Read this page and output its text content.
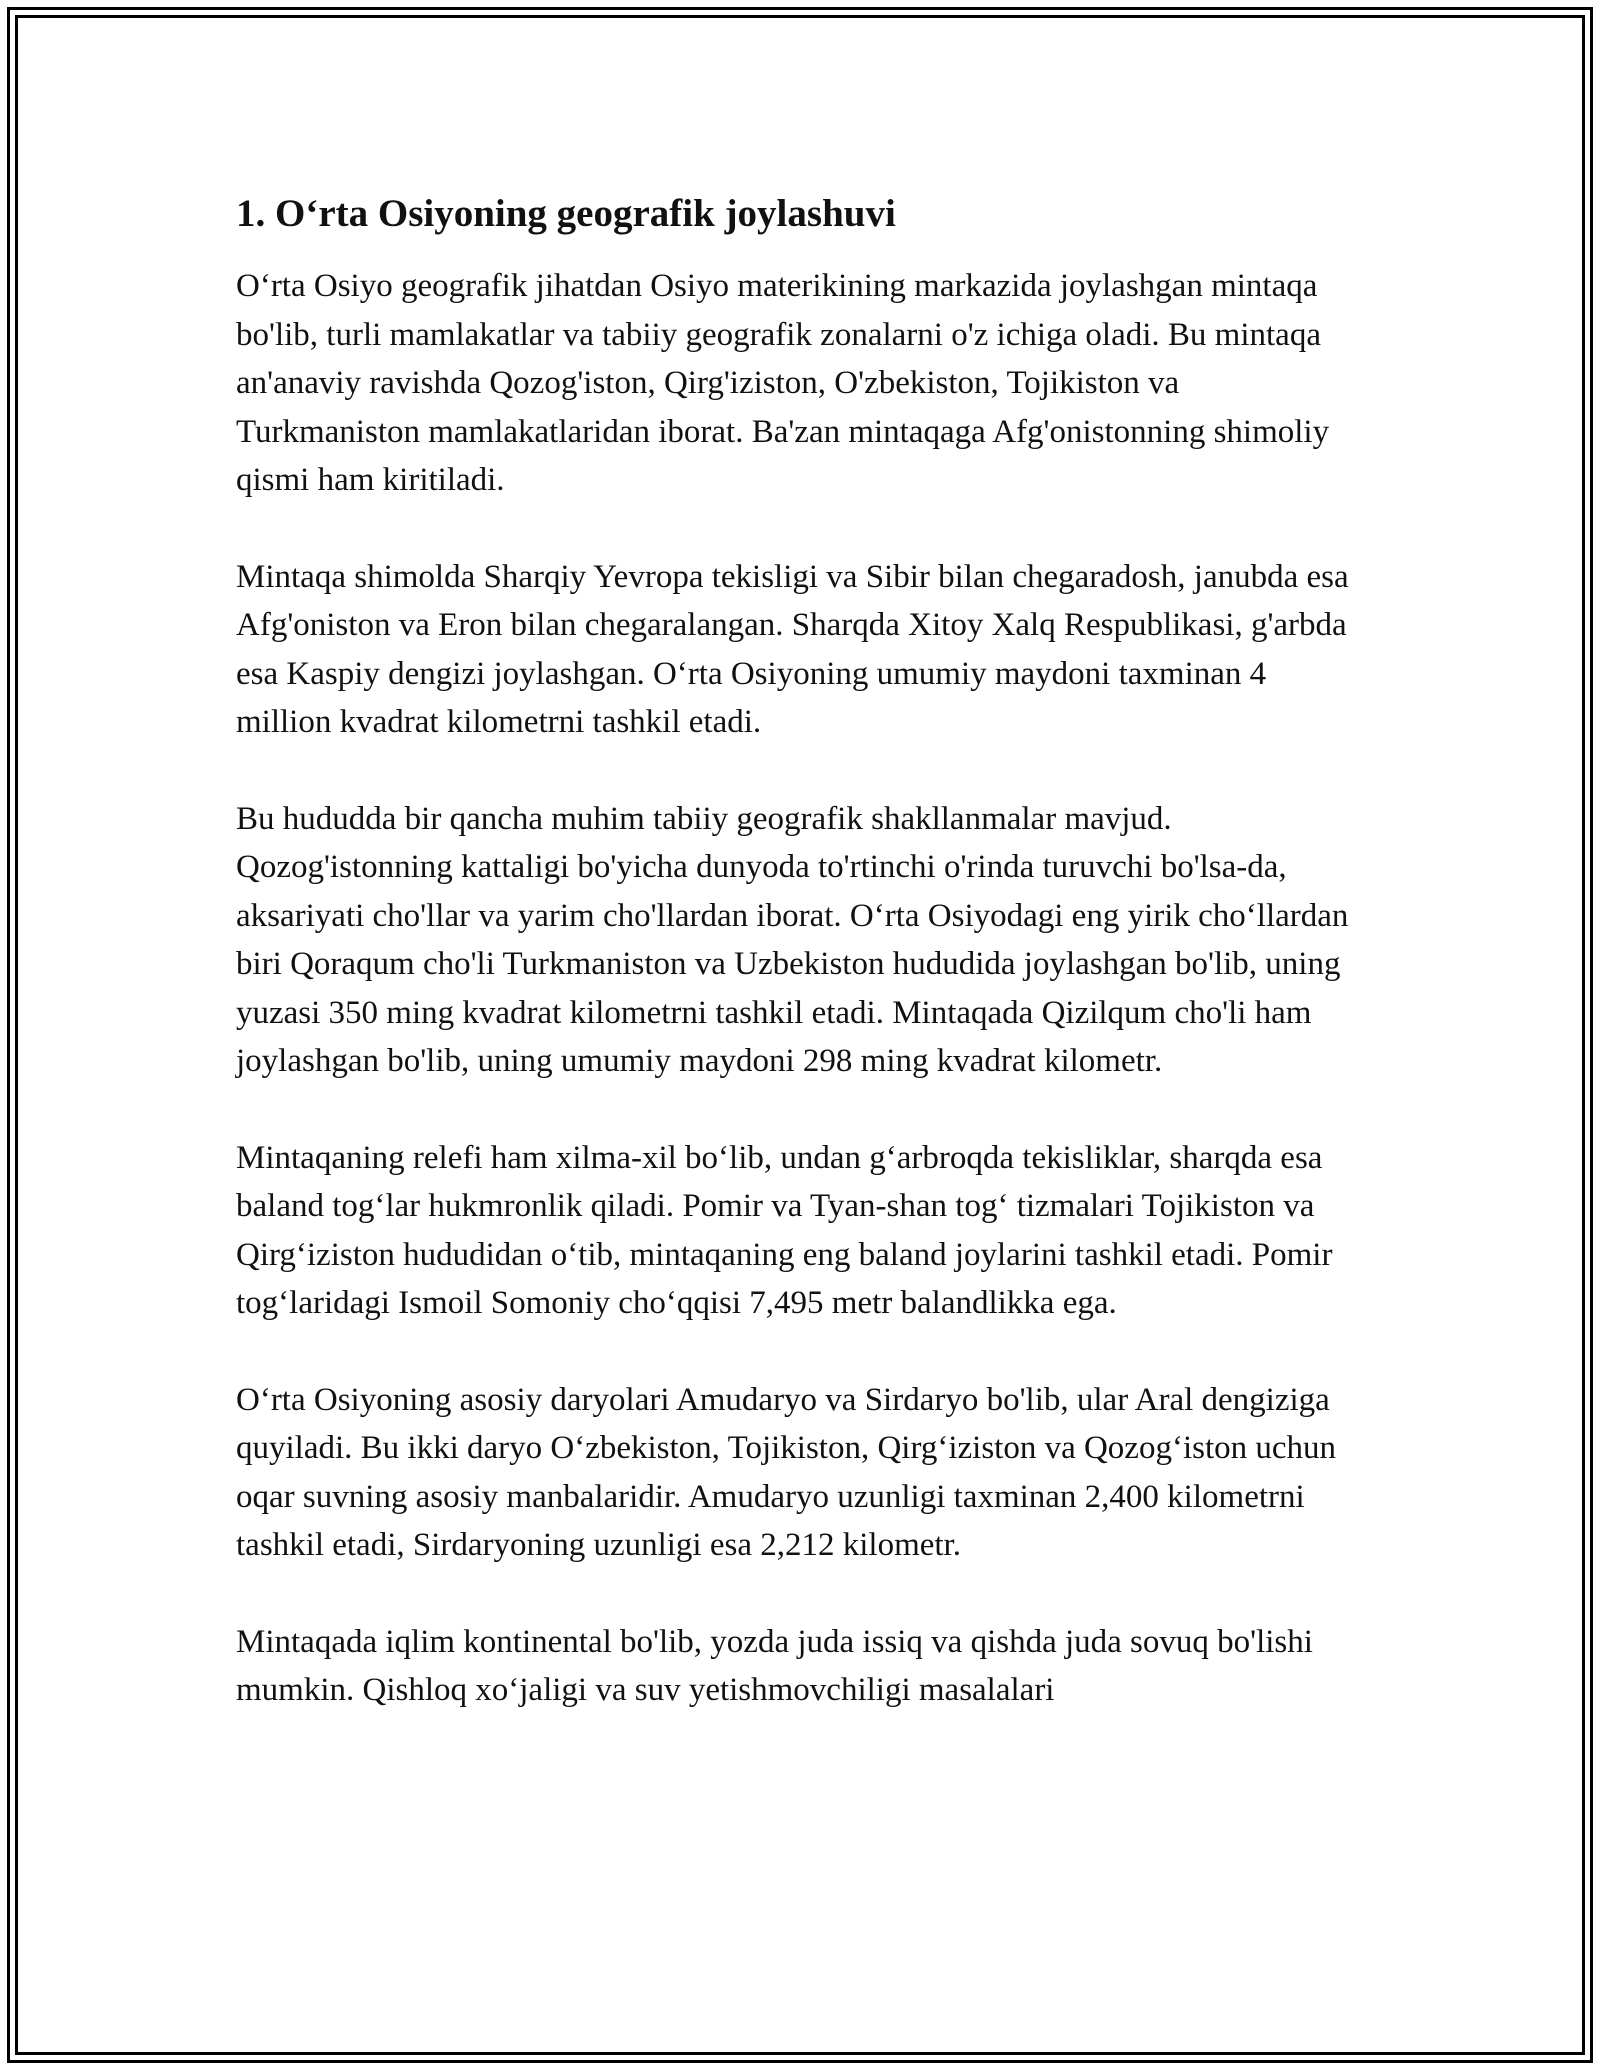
1. O‘rta Osiyoning geografik joylashuvi

O‘rta Osiyo geografik jihatdan Osiyo materikining markazida joylashgan mintaqa bo'lib, turli mamlakatlar va tabiiy geografik zonalarni o'z ichiga oladi. Bu mintaqa an'anaviy ravishda Qozog'iston, Qirg'iziston, O'zbekiston, Tojikiston va Turkmaniston mamlakatlaridan iborat. Ba'zan mintaqaga Afg'onistonning shimoliy qismi ham kiritiladi.

Mintaqa shimolda Sharqiy Yevropa tekisligi va Sibir bilan chegaradosh, janubda esa Afg'oniston va Eron bilan chegaralangan. Sharqda Xitoy Xalq Respublikasi, g'arbda esa Kaspiy dengizi joylashgan. O‘rta Osiyoning umumiy maydoni taxminan 4 million kvadrat kilometrni tashkil etadi.

Bu hududda bir qancha muhim tabiiy geografik shakllanmalar mavjud. Qozog'istonning kattaligi bo'yicha dunyoda to'rtinchi o'rinda turuvchi bo'lsa-da, aksariyati cho'llar va yarim cho'llardan iborat. O‘rta Osiyodagi eng yirik cho‘llardan biri Qoraqum cho'li Turkmaniston va Uzbekiston hududida joylashgan bo'lib, uning yuzasi 350 ming kvadrat kilometrni tashkil etadi. Mintaqada Qizilqum cho'li ham joylashgan bo'lib, uning umumiy maydoni 298 ming kvadrat kilometr.

Mintaqaning relefi ham xilma-xil bo‘lib, undan g‘arbroqda tekisliklar, sharqda esa baland tog‘lar hukmronlik qiladi. Pomir va Tyan-shan tog‘ tizmalari Tojikiston va Qirg‘iziston hududidan o‘tib, mintaqaning eng baland joylarini tashkil etadi. Pomir tog‘laridagi Ismoil Somoniy cho‘qqisi 7,495 metr balandlikka ega.

O‘rta Osiyoning asosiy daryolari Amudaryo va Sirdaryo bo'lib, ular Aral dengiziga quyiladi. Bu ikki daryo O‘zbekiston, Tojikiston, Qirg‘iziston va Qozog‘iston uchun oqar suvning asosiy manbalaridir. Amudaryo uzunligi taxminan 2,400 kilometrni tashkil etadi, Sirdaryoning uzunligi esa 2,212 kilometr.

Mintaqada iqlim kontinental bo'lib, yozda juda issiq va qishda juda sovuq bo'lishi mumkin. Qishloq xo‘jaligi va suv yetishmovchiligi masalalari
